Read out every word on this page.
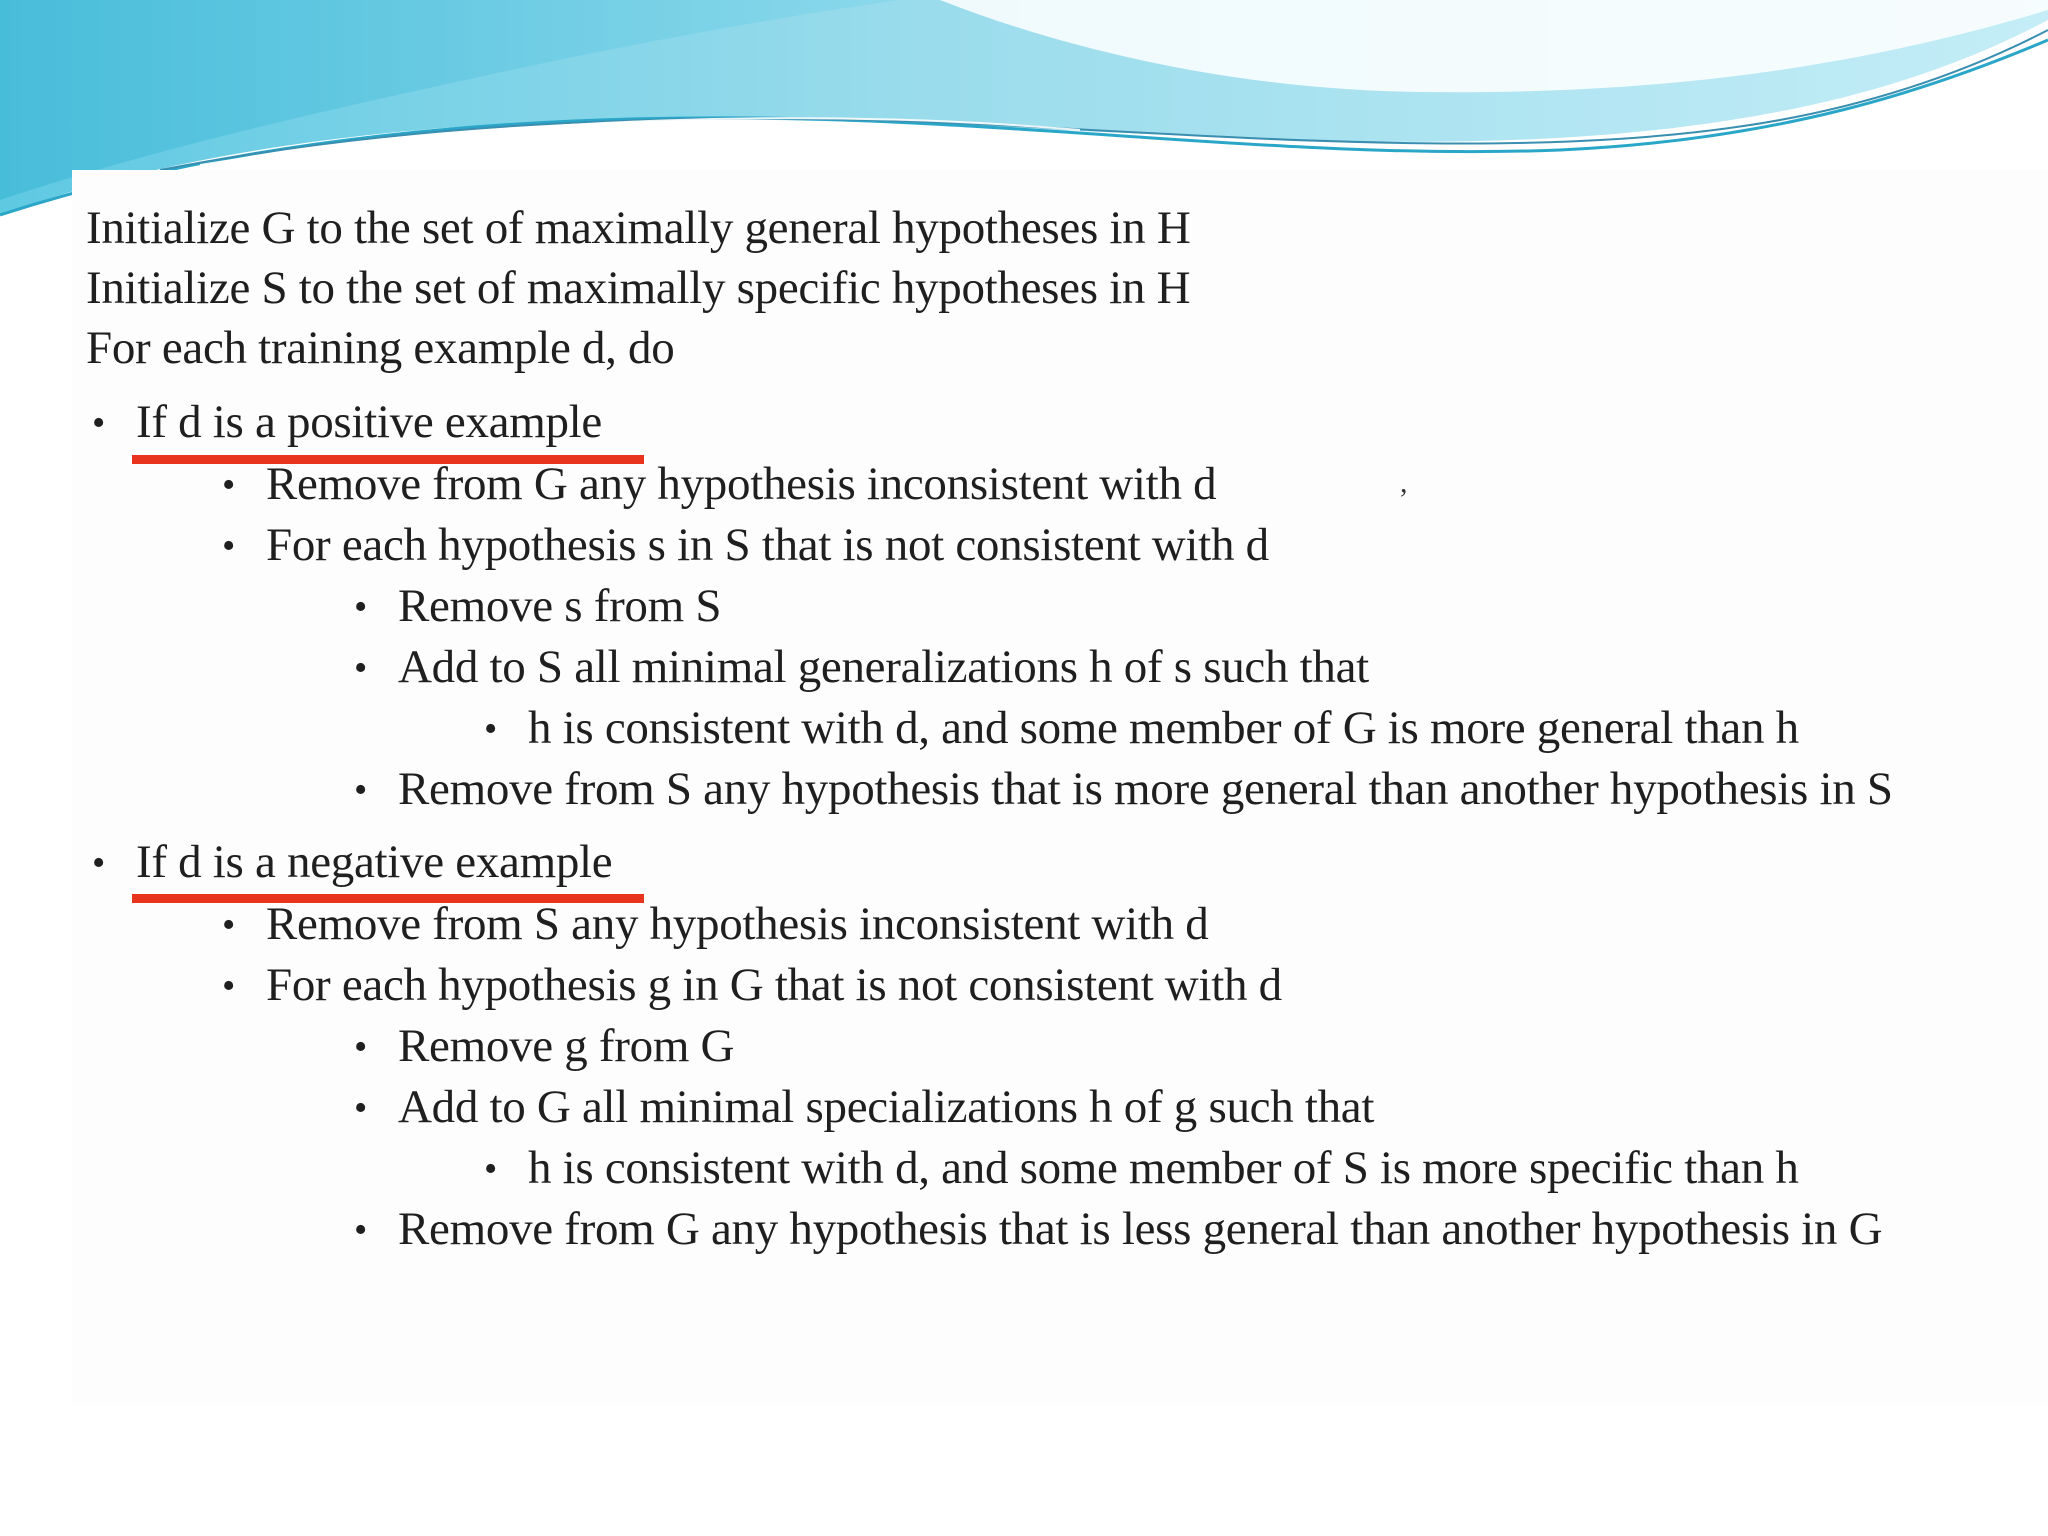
Initialize G to the set of maximally general hypotheses in H
Initialize S to the set of maximally specific hypotheses in H
For each training example d, do
• If d is a positive example
• Remove from G any hypothesis inconsistent with d	,
• For each hypothesis s in S that is not consistent with d
• Remove s from S
• Add to S all minimal generalizations h of s such that
• h is consistent with d, and some member of G is more general than h
• Remove from S any hypothesis that is more general than another hypothesis in S
• If d is a negative example
• Remove from S any hypothesis inconsistent with d
• For each hypothesis g in G that is not consistent with d
• Remove g from G
• Add to G all minimal specializations h of g such that
• h is consistent with d, and some member of S is more specific than h
• Remove from G any hypothesis that is less general than another hypothesis in G
